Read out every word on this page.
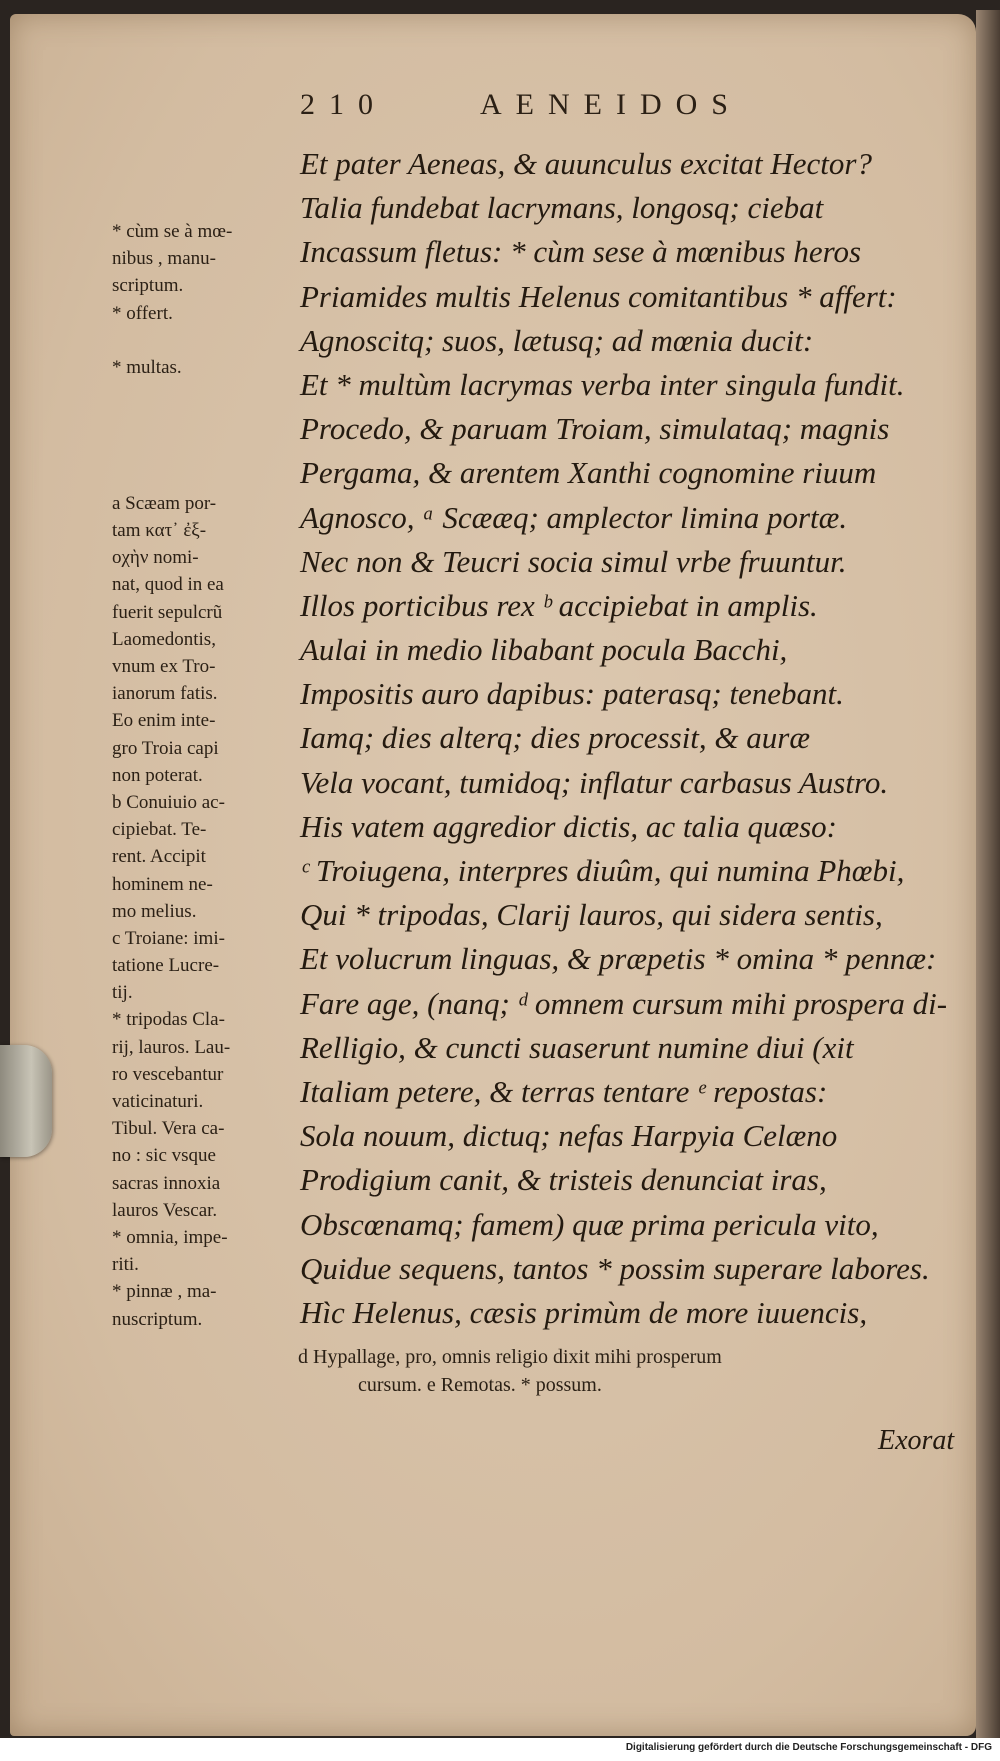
210	AENEIDOS
* cùm se à mœ-
nibus , manu-
scriptum.
* offert.
* multas.
a Scæam por-
tam κατ᾽ ἐξ-
οχὴν nomi-
nat, quod in ea
fuerit sepulcrũ
Laomedontis,
vnum ex Tro-
ianorum fatis.
Eo enim inte-
gro Troia capi
non poterat.
b Conuiuio ac-
cipiebat. Te-
rent. Accipit
hominem ne-
mo melius.
c Troiane: imi-
tatione Lucre-
tij.
* tripodas Cla-
rij, lauros. Lau-
ro vescebantur
vaticinaturi.
Tibul. Vera ca-
no : sic vsque
sacras innoxia
lauros Vescar.
* omnia, impe-
riti.
* pinnæ , ma-
nuscriptum.
Et pater Aeneas, & auunculus excitat Hector?
Talia fundebat lacrymans, longosq; ciebat
Incassum fletus: * cùm sese à mœnibus heros
Priamides multis Helenus comitantibus * affert:
Agnoscitq; suos, lætusq; ad mœnia ducit:
Et * multùm lacrymas verba inter singula fundit.
Procedo, & paruam Troiam, simulataq; magnis
Pergama, & arentem Xanthi cognomine riuum
Agnosco, ᵃ Scææq; amplector limina portæ.
Nec non & Teucri socia simul vrbe fruuntur.
Illos porticibus rex ᵇ accipiebat in amplis.
Aulai in medio libabant pocula Bacchi,
Impositis auro dapibus: paterasq; tenebant.
Iamq; dies alterq; dies processit, & auræ
Vela vocant, tumidoq; inflatur carbasus Austro.
His vatem aggredior dictis, ac talia quæso:
ᶜ Troiugena, interpres diuûm, qui numina Phœbi,
Qui * tripodas, Clarij lauros, qui sidera sentis,
Et volucrum linguas, & præpetis * omina * pennæ:
Fare age, (nanq; ᵈ omnem cursum mihi prospera di-
Relligio, & cuncti suaserunt numine diui (xit
Italiam petere, & terras tentare ᵉ repostas:
Sola nouum, dictuq; nefas Harpyia Celæno
Prodigium canit, & tristeis denunciat iras,
Obscœnamq; famem) quæ prima pericula vito,
Quidue sequens, tantos * possim superare labores.
Hìc Helenus, cæsis primùm de more iuuencis,
d Hypallage, pro, omnis religio dixit mihi prosperum
cursum. e Remotas. * possum.
Exorat
Digitalisierung gefördert durch die Deutsche Forschungsgemeinschaft - DFG
